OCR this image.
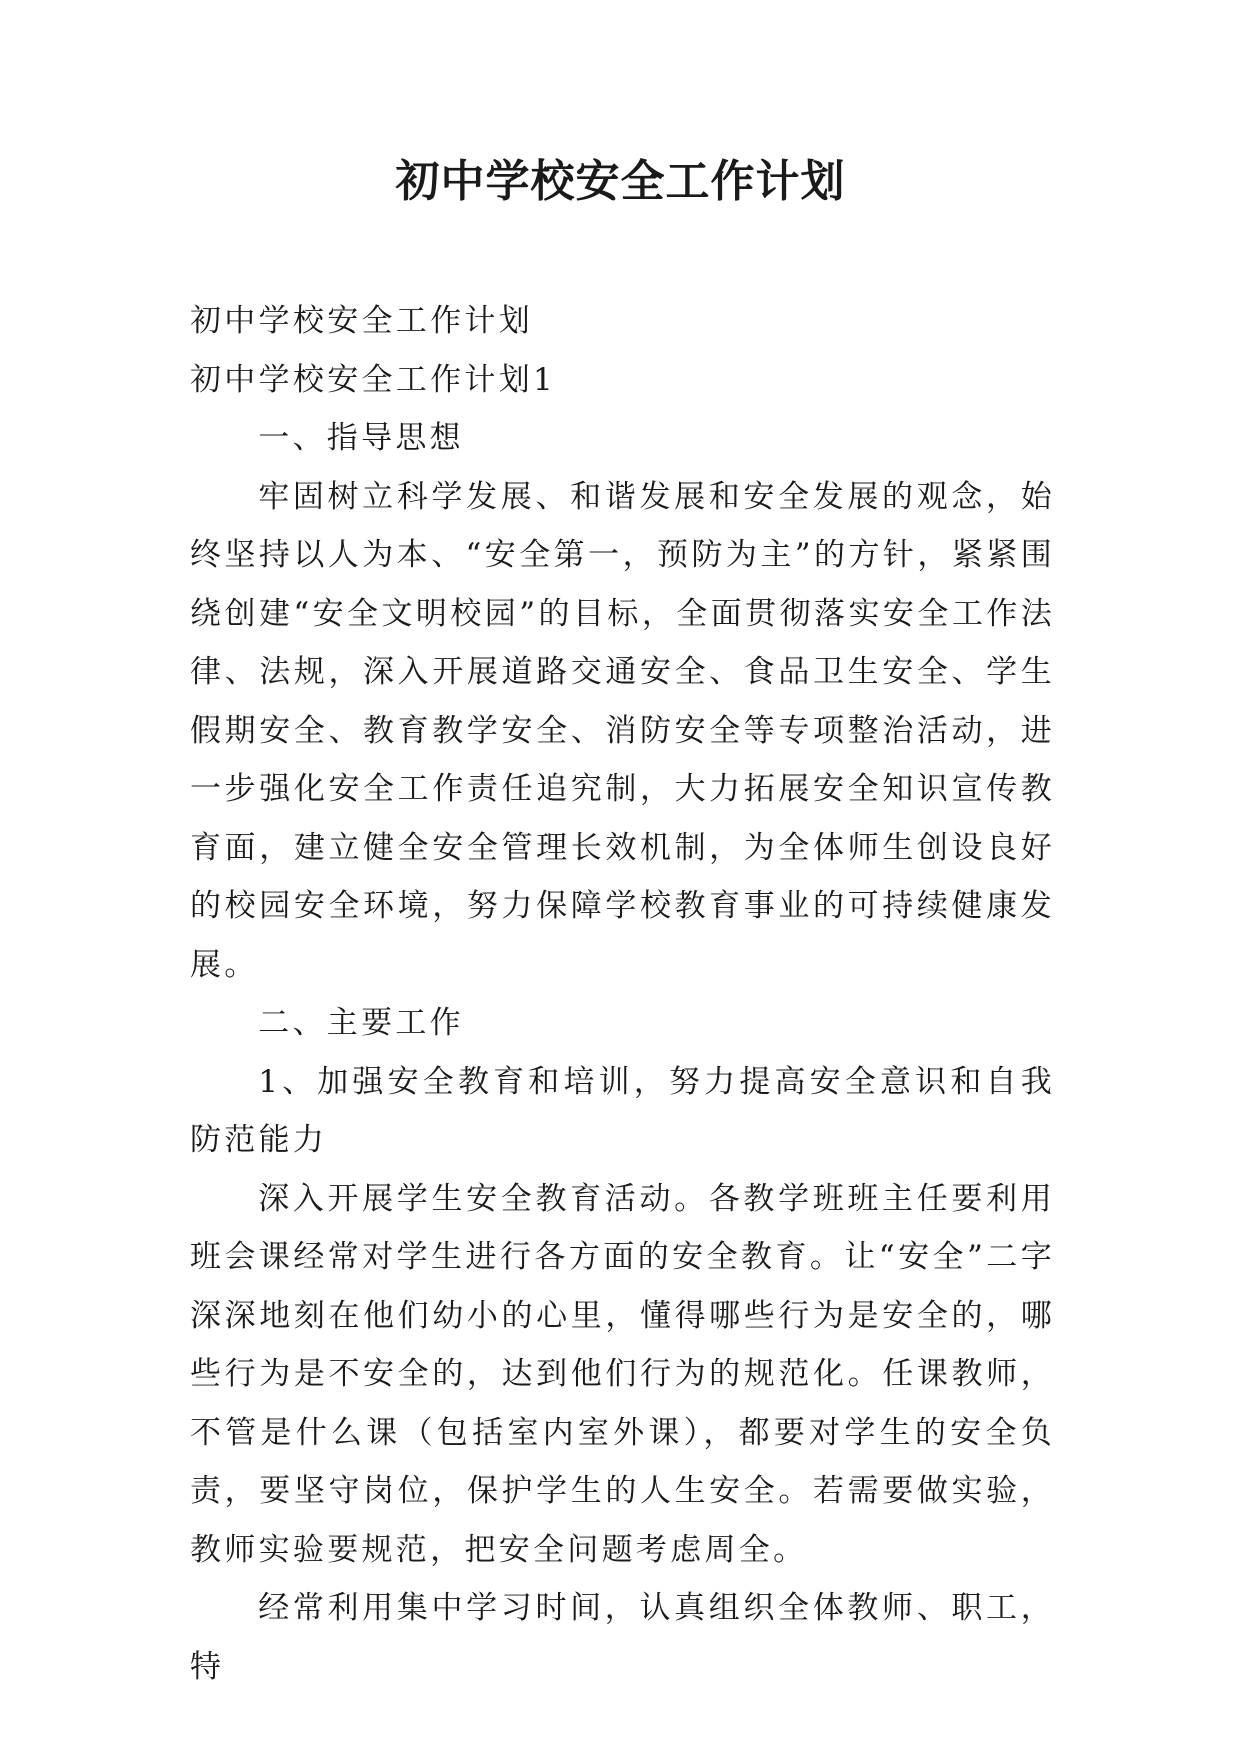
初中学校安全工作计划

初中学校安全工作计划

初中学校安全工作计划1

一、指导思想

牢固树立科学发展、和谐发展和安全发展的观念，始终坚持以人为本、“安全第一，预防为主”的方针，紧紧围绕创建“安全文明校园”的目标，全面贯彻落实安全工作法律、法规，深入开展道路交通安全、食品卫生安全、学生假期安全、教育教学安全、消防安全等专项整治活动，进一步强化安全工作责任追究制，大力拓展安全知识宣传教育面，建立健全安全管理长效机制，为全体师生创设良好的校园安全环境，努力保障学校教育事业的可持续健康发展。

二、主要工作

1、加强安全教育和培训，努力提高安全意识和自我防范能力

深入开展学生安全教育活动。各教学班班主任要利用班会课经常对学生进行各方面的安全教育。让“安全”二字深深地刻在他们幼小的心里，懂得哪些行为是安全的，哪些行为是不安全的，达到他们行为的规范化。任课教师，不管是什么课（包括室内室外课），都要对学生的安全负责，要坚守岗位，保护学生的人生安全。若需要做实验，教师实验要规范，把安全问题考虑周全。

经常利用集中学习时间，认真组织全体教师、职工，特
